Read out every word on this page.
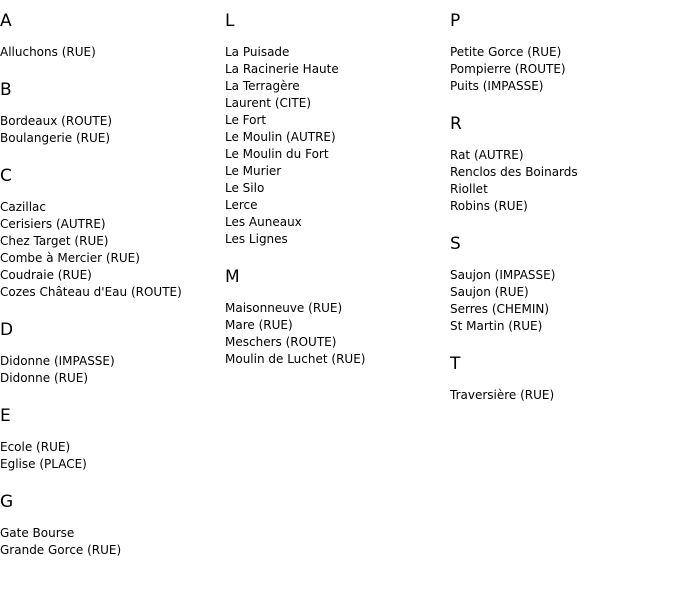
A
Alluchons (RUE)
B
Bordeaux (ROUTE)
Boulangerie (RUE)
C
Cazillac
Cerisiers (AUTRE)
Chez Target (RUE)
Combe à Mercier (RUE)
Coudraie (RUE)
Cozes Château d'Eau (ROUTE)
D
Didonne (IMPASSE)
Didonne (RUE)
E
Ecole (RUE)
Eglise (PLACE)
G
Gate Bourse
Grande Gorce (RUE)
L
La Puisade
La Racinerie Haute
La Terragère
Laurent (CITE)
Le Fort
Le Moulin (AUTRE)
Le Moulin du Fort
Le Murier
Le Silo
Lerce
Les Auneaux
Les Lignes
M
Maisonneuve (RUE)
Mare (RUE)
Meschers (ROUTE)
Moulin de Luchet (RUE)
P
Petite Gorce (RUE)
Pompierre (ROUTE)
Puits (IMPASSE)
R
Rat (AUTRE)
Renclos des Boinards
Riollet
Robins (RUE)
S
Saujon (IMPASSE)
Saujon (RUE)
Serres (CHEMIN)
St Martin (RUE)
T
Traversière (RUE)
